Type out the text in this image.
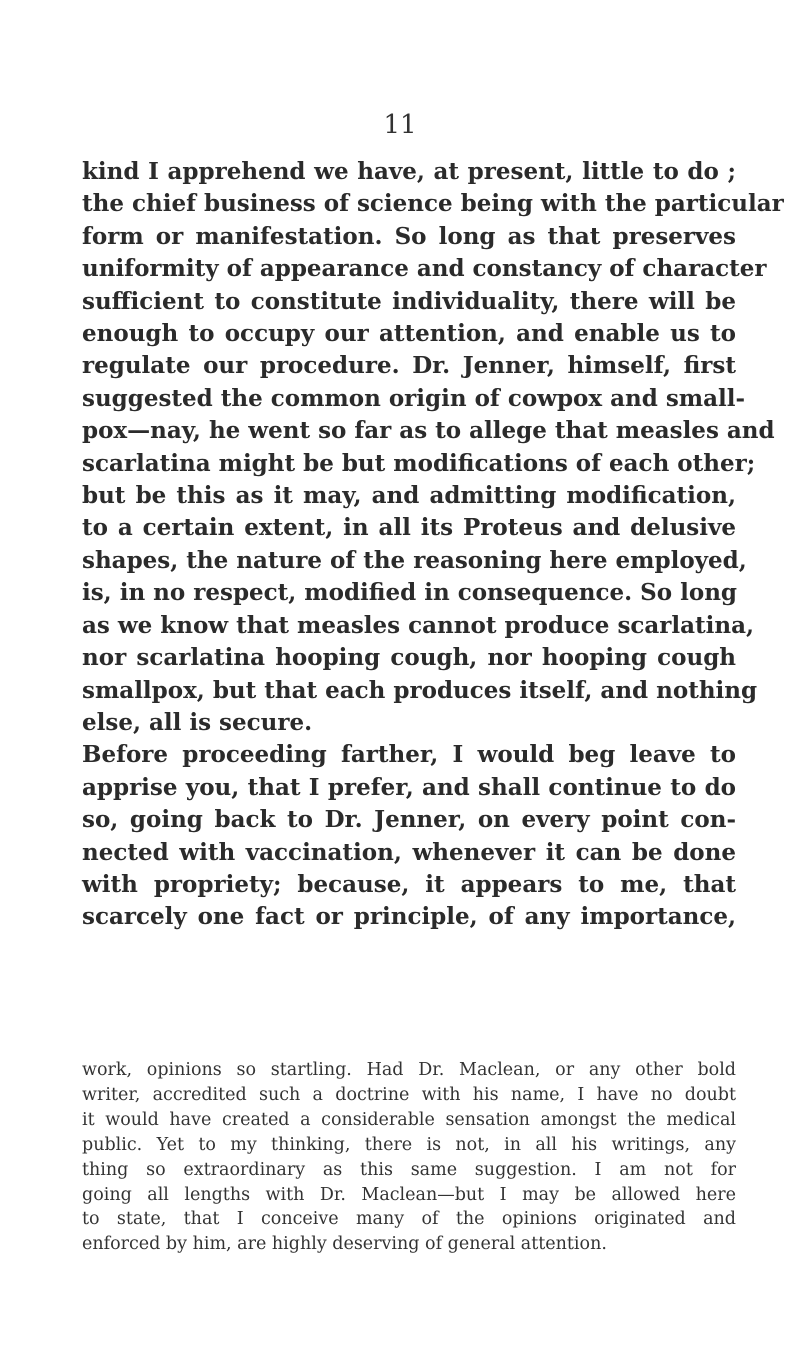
11
kind I apprehend we have, at present, little to do ;
the chief business of science being with the particular
form or manifestation. So long as that preserves
uniformity of appearance and constancy of character
sufficient to constitute individuality, there will be
enough to occupy our attention, and enable us to
regulate our procedure. Dr. Jenner, himself, first
suggested the common origin of cowpox and small-
pox—nay, he went so far as to allege that measles and
scarlatina might be but modifications of each other;
but be this as it may, and admitting modification,
to a certain extent, in all its Proteus and delusive
shapes, the nature of the reasoning here employed,
is, in no respect, modified in consequence. So long
as we know that measles cannot produce scarlatina,
nor scarlatina hooping cough, nor hooping cough
smallpox, but that each produces itself, and nothing
else, all is secure.
Before proceeding farther, I would beg leave to
apprise you, that I prefer, and shall continue to do
so, going back to Dr. Jenner, on every point con-
nected with vaccination, whenever it can be done
with propriety; because, it appears to me, that
scarcely one fact or principle, of any importance,
work, opinions so startling. Had Dr. Maclean, or any other bold
writer, accredited such a doctrine with his name, I have no doubt
it would have created a considerable sensation amongst the medical
public. Yet to my thinking, there is not, in all his writings, any
thing so extraordinary as this same suggestion. I am not for
going all lengths with Dr. Maclean—but I may be allowed here
to state, that I conceive many of the opinions originated and
enforced by him, are highly deserving of general attention.
